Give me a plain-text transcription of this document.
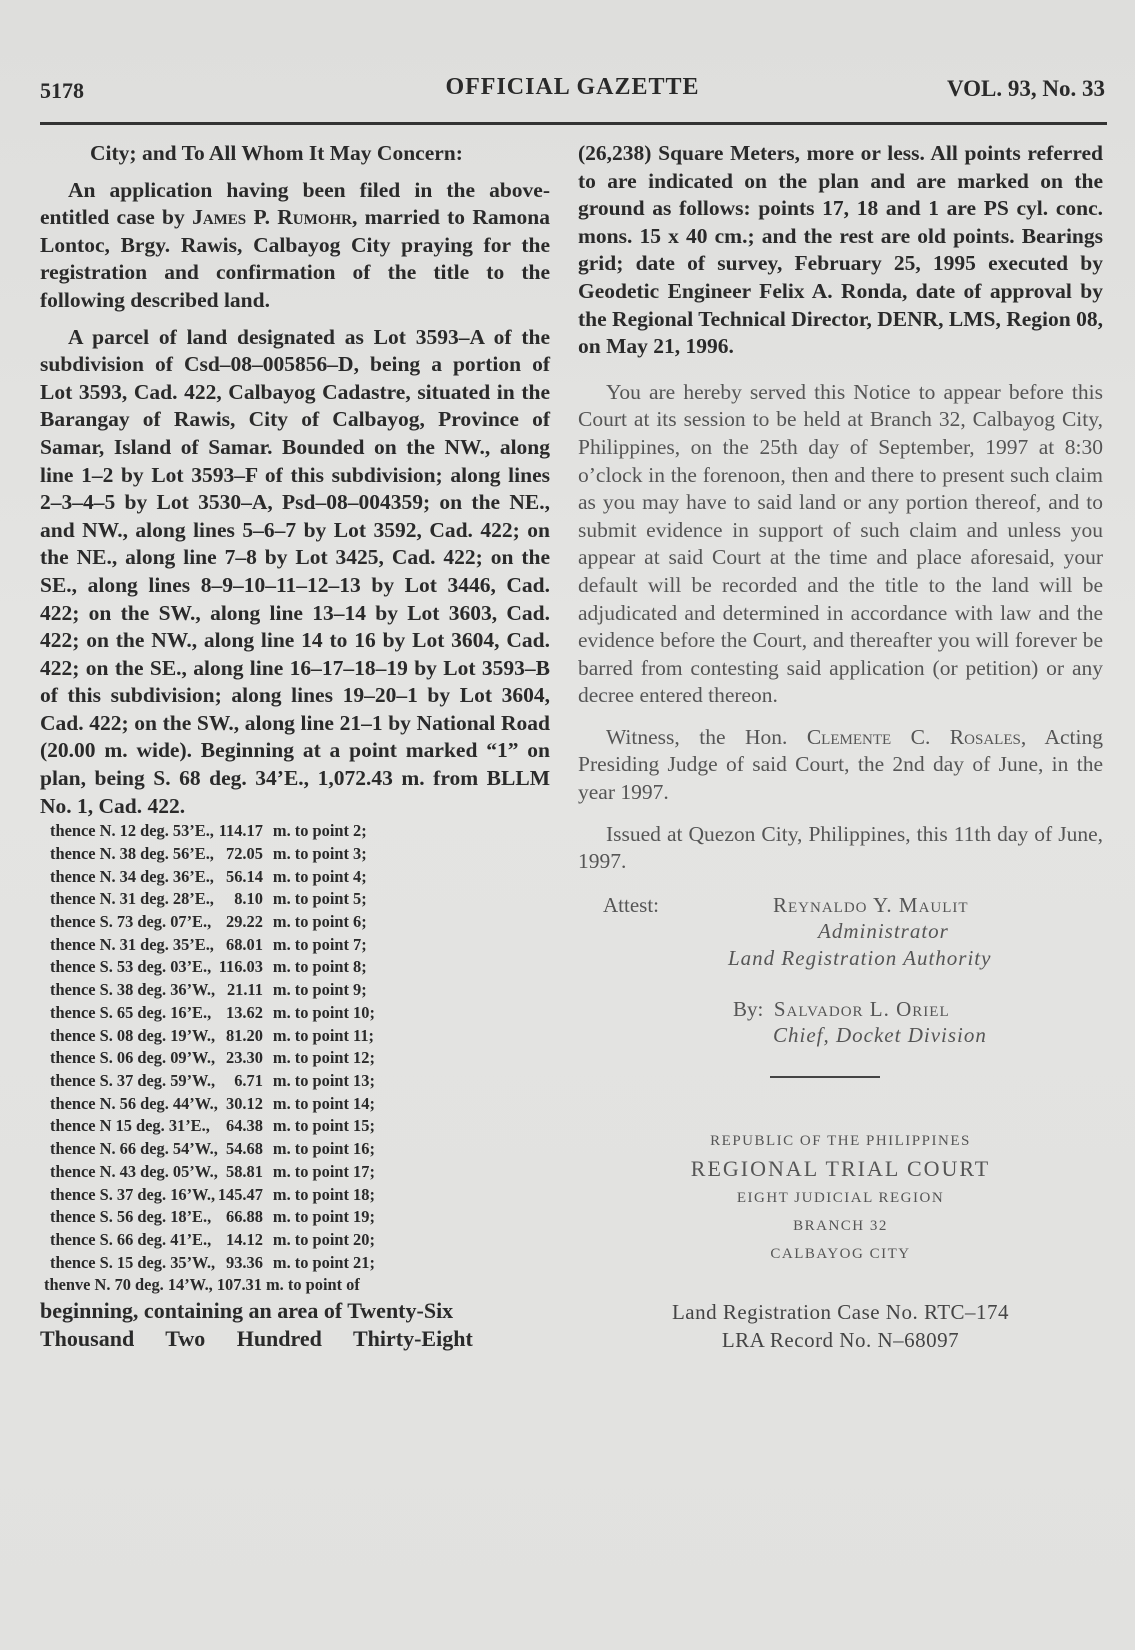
5178	OFFICIAL GAZETTE	VOL. 93, No. 33

City; and To All Whom It May Concern:

An application having been filed in the above-entitled case by James P. Rumohr, married to Ramona Lontoc, Brgy. Rawis, Calbayog City praying for the registration and confirmation of the title to the following described land.

A parcel of land designated as Lot 3593–A of the subdivision of Csd–08–005856–D, being a portion of Lot 3593, Cad. 422, Calbayog Cadastre, situated in the Barangay of Rawis, City of Calbayog, Province of Samar, Island of Samar. Bounded on the NW., along line 1–2 by Lot 3593–F of this subdivision; along lines 2–3–4–5 by Lot 3530–A, Psd–08–004359; on the NE., and NW., along lines 5–6–7 by Lot 3592, Cad. 422; on the NE., along line 7–8 by Lot 3425, Cad. 422; on the SE., along lines 8–9–10–11–12–13 by Lot 3446, Cad. 422; on the SW., along line 13–14 by Lot 3603, Cad. 422; on the NW., along line 14 to 16 by Lot 3604, Cad. 422; on the SE., along line 16–17–18–19 by Lot 3593–B of this subdivision; along lines 19–20–1 by Lot 3604, Cad. 422; on the SW., along line 21–1 by National Road (20.00 m. wide). Beginning at a point marked “1” on plan, being S. 68 deg. 34’E., 1,072.43 m. from BLLM No. 1, Cad. 422.

thence N. 12 deg. 53’E.,	114.17	m. to point 2;
thence N. 38 deg. 56’E.,	72.05	m. to point 3;
thence N. 34 deg. 36’E.,	56.14	m. to point 4;
thence N. 31 deg. 28’E.,	8.10	m. to point 5;
thence S. 73 deg. 07’E.,	29.22	m. to point 6;
thence N. 31 deg. 35’E.,	68.01	m. to point 7;
thence S. 53 deg. 03’E.,	116.03	m. to point 8;
thence S. 38 deg. 36’W.,	21.11	m. to point 9;
thence S. 65 deg. 16’E.,	13.62	m. to point 10;
thence S. 08 deg. 19’W.,	81.20	m. to point 11;
thence S. 06 deg. 09’W.,	23.30	m. to point 12;
thence S. 37 deg. 59’W.,	6.71	m. to point 13;
thence N. 56 deg. 44’W.,	30.12	m. to point 14;
thence N 15 deg. 31’E.,	64.38	m. to point 15;
thence N. 66 deg. 54’W.,	54.68	m. to point 16;
thence N. 43 deg. 05’W.,	58.81	m. to point 17;
thence S. 37 deg. 16’W.,	145.47	m. to point 18;
thence S. 56 deg. 18’E.,	66.88	m. to point 19;
thence S. 66 deg. 41’E.,	14.12	m. to point 20;
thence S. 15 deg. 35’W.,	93.36	m. to point 21;
thenve N. 70 deg. 14’W., 107.31 m. to point of
beginning, containing an area of Twenty-Six
Thousand Two Hundred Thirty-Eight

(26,238) Square Meters, more or less. All points referred to are indicated on the plan and are marked on the ground as follows: points 17, 18 and 1 are PS cyl. conc. mons. 15 x 40 cm.; and the rest are old points. Bearings grid; date of survey, February 25, 1995 executed by Geodetic Engineer Felix A. Ronda, date of approval by the Regional Technical Director, DENR, LMS, Region 08, on May 21, 1996.

You are hereby served this Notice to appear before this Court at its session to be held at Branch 32, Calbayog City, Philippines, on the 25th day of September, 1997 at 8:30 o’clock in the forenoon, then and there to present such claim as you may have to said land or any portion thereof, and to submit evidence in support of such claim and unless you appear at said Court at the time and place aforesaid, your default will be recorded and the title to the land will be adjudicated and determined in accordance with law and the evidence before the Court, and thereafter you will forever be barred from contesting said application (or petition) or any decree entered thereon.

Witness, the Hon. Clemente C. Rosales, Acting Presiding Judge of said Court, the 2nd day of June, in the year 1997.

Issued at Quezon City, Philippines, this 11th day of June, 1997.

Attest:	Reynaldo Y. Maulit
Administrator
Land Registration Authority
By: Salvador L. Oriel
Chief, Docket Division
REPUBLIC OF THE PHILIPPINES
REGIONAL TRIAL COURT
EIGHT JUDICIAL REGION
BRANCH 32
CALBAYOG CITY
Land Registration Case No. RTC–174
LRA Record No. N–68097
